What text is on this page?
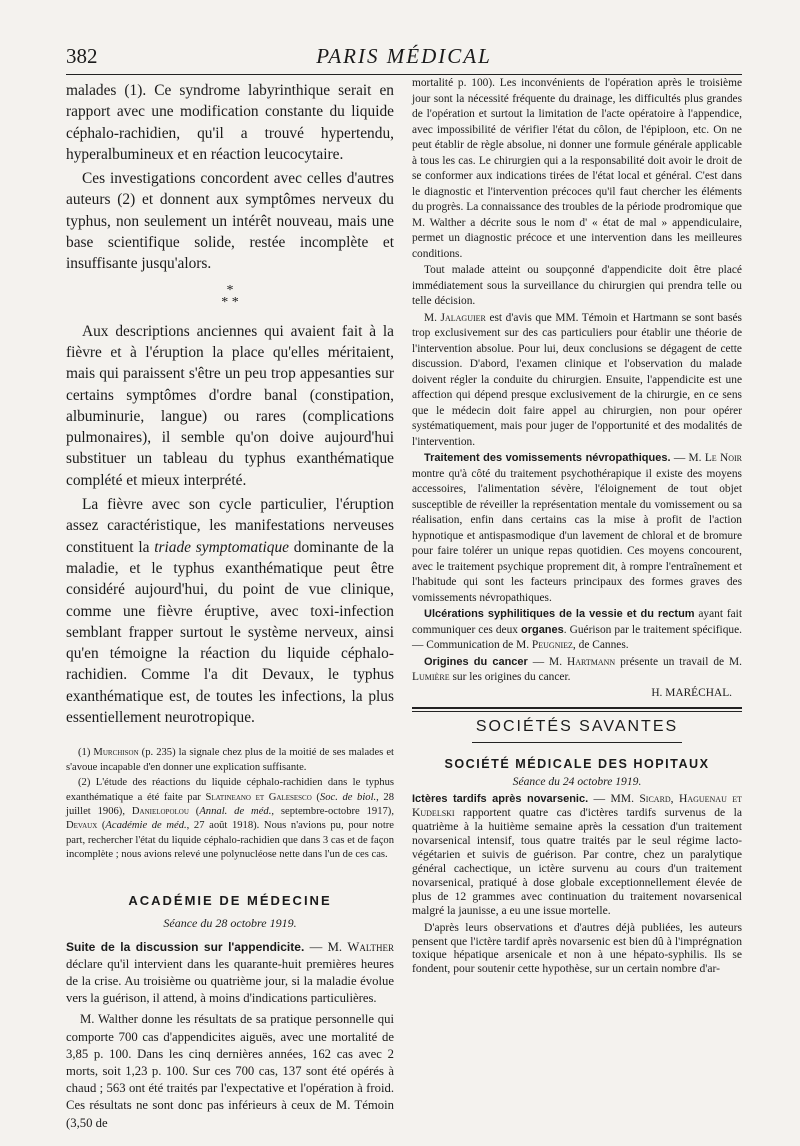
382	PARIS MÉDICAL

malades (1). Ce syndrome labyrinthique serait en rapport avec une modification constante du liquide céphalo-rachidien, qu'il a trouvé hypertendu, hyperalbumineux et en réaction leucocytaire.

Ces investigations concordent avec celles d'autres auteurs (2) et donnent aux symptômes nerveux du typhus, non seulement un intérêt nouveau, mais une base scientifique solide, restée incomplète et insuffisante jusqu'alors.

*
* *

Aux descriptions anciennes qui avaient fait à la fièvre et à l'éruption la place qu'elles méritaient, mais qui paraissent s'être un peu trop appesanties sur certains symptômes d'ordre banal (constipation, albuminurie, langue) ou rares (complications pulmonaires), il semble qu'on doive aujourd'hui substituer un tableau du typhus exanthématique complété et mieux interprété.

La fièvre avec son cycle particulier, l'éruption assez caractéristique, les manifestations nerveuses constituent la triade symptomatique dominante de la maladie, et le typhus exanthématique peut être considéré aujourd'hui, du point de vue clinique, comme une fièvre éruptive, avec toxi-infection semblant frapper surtout le système nerveux, ainsi qu'en témoigne la réaction du liquide céphalo-rachidien. Comme l'a dit Devaux, le typhus exanthématique est, de toutes les infections, la plus essentiellement neurotropique.

(1) Murchison (p. 235) la signale chez plus de la moitié de ses malades et s'avoue incapable d'en donner une explication suffisante.

(2) L'étude des réactions du liquide céphalo-rachidien dans le typhus exanthématique a été faite par Slatineano et Galesesco (Soc. de biol., 28 juillet 1906), Danielopolou (Annal. de méd., septembre-octobre 1917), Devaux (Académie de méd., 27 août 1918). Nous n'avions pu, pour notre part, rechercher l'état du liquide céphalo-rachidien que dans 3 cas et de façon incomplète ; nous avions relevé une polynucléose nette dans l'un de ces cas.

ACADÉMIE DE MÉDECINE
Séance du 28 octobre 1919.

Suite de la discussion sur l'appendicite. — M. Walther déclare qu'il intervient dans les quarante-huit premières heures de la crise. Au troisième ou quatrième jour, si la maladie évolue vers la guérison, il attend, à moins d'indications particulières.

M. Walther donne les résultats de sa pratique personnelle qui comporte 700 cas d'appendicites aiguës, avec une mortalité de 3,85 p. 100. Dans les cinq dernières années, 162 cas avec 2 morts, soit 1,23 p. 100. Sur ces 700 cas, 137 sont été opérés à chaud ; 563 ont été traités par l'expectative et l'opération à froid. Ces résultats ne sont donc pas inférieurs à ceux de M. Témoin (3,50 de

mortalité p. 100). Les inconvénients de l'opération après le troisième jour sont la nécessité fréquente du drainage, les difficultés plus grandes de l'opération et surtout la limitation de l'acte opératoire à l'appendice, avec impossibilité de vérifier l'état du côlon, de l'épiploon, etc. On ne peut établir de règle absolue, ni donner une formule générale applicable à tous les cas. Le chirurgien qui a la responsabilité doit avoir le droit de se conformer aux indications tirées de l'état local et général. C'est dans le diagnostic et l'intervention précoces qu'il faut chercher les éléments du progrès. La connaissance des troubles de la période prodromique que M. Walther a décrite sous le nom d' « état de mal » appendiculaire, permet un diagnostic précoce et une intervention dans les meilleures conditions.

Tout malade atteint ou soupçonné d'appendicite doit être placé immédiatement sous la surveillance du chirurgien qui prendra telle ou telle décision.

M. Jalaguier est d'avis que MM. Témoin et Hartmann se sont basés trop exclusivement sur des cas particuliers pour établir une théorie de l'intervention absolue. Pour lui, deux conclusions se dégagent de cette discussion. D'abord, l'examen clinique et l'observation du malade doivent régler la conduite du chirurgien. Ensuite, l'appendicite est une affection qui dépend presque exclusivement de la chirurgie, en ce sens que le médecin doit faire appel au chirurgien, non pour opérer systématiquement, mais pour juger de l'opportunité et des modalités de l'intervention.

Traitement des vomissements névropathiques. — M. Le Noir montre qu'à côté du traitement psychothérapique il existe des moyens accessoires, l'alimentation sévère, l'éloignement de tout objet susceptible de réveiller la représentation mentale du vomissement ou sa réalisation, enfin dans certains cas la mise à profit de l'action hypnotique et antispasmodique d'un lavement de chloral et de bromure pour faire tolérer un unique repas quotidien. Ces moyens concourent, avec le traitement psychique proprement dit, à rompre l'entraînement et l'habitude qui sont les facteurs principaux des formes graves des vomissements névropathiques.

Ulcérations syphilitiques de la vessie et du rectum ayant fait communiquer ces deux organes. Guérison par le traitement spécifique. — Communication de M. Peugniez, de Cannes.

Origines du cancer — M. Hartmann présente un travail de M. Lumière sur les origines du cancer.

H. MARÉCHAL.
SOCIÉTÉS SAVANTES
SOCIÉTÉ MÉDICALE DES HOPITAUX
Séance du 24 octobre 1919.

Ictères tardifs après novarsenic. — MM. Sicard, Haguenau et Kudelski rapportent quatre cas d'ictères tardifs survenus de la quatrième à la huitième semaine après la cessation d'un traitement novarsenical intensif, tous quatre traités par le seul régime lacto-végétarien et suivis de guérison. Par contre, chez un paralytique général cachectique, un ictère survenu au cours d'un traitement novarsenical, pratiqué à dose globale exceptionnellement élevée de plus de 12 grammes avec continuation du traitement novarsenical malgré la jaunisse, a eu une issue mortelle.

D'après leurs observations et d'autres déjà publiées, les auteurs pensent que l'ictère tardif après novarsenic est bien dû à l'imprégnation toxique hépatique arsenicale et non à une hépato-syphilis. Ils se fondent, pour soutenir cette hypothèse, sur un certain nombre d'ar-
